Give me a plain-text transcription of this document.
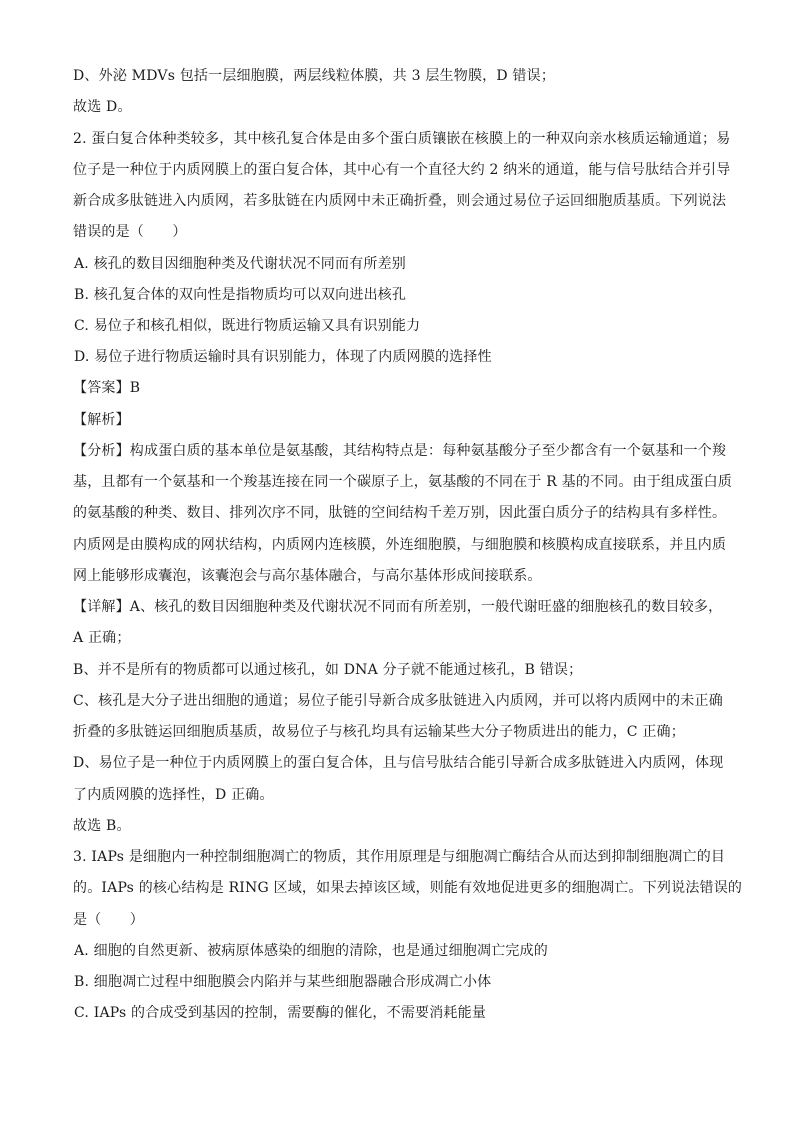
D、外泌 MDVs 包括一层细胞膜，两层线粒体膜，共 3 层生物膜，D 错误；
故选 D。
2. 蛋白复合体种类较多，其中核孔复合体是由多个蛋白质镶嵌在核膜上的一种双向亲水核质运输通道；易
位子是一种位于内质网膜上的蛋白复合体，其中心有一个直径大约 2 纳米的通道，能与信号肽结合并引导
新合成多肽链进入内质网，若多肽链在内质网中未正确折叠，则会通过易位子运回细胞质基质。下列说法
错误的是（　　）
A. 核孔的数目因细胞种类及代谢状况不同而有所差别
B. 核孔复合体的双向性是指物质均可以双向进出核孔
C. 易位子和核孔相似，既进行物质运输又具有识别能力
D. 易位子进行物质运输时具有识别能力，体现了内质网膜的选择性
【答案】B
【解析】
【分析】构成蛋白质的基本单位是氨基酸，其结构特点是：每种氨基酸分子至少都含有一个氨基和一个羧
基，且都有一个氨基和一个羧基连接在同一个碳原子上，氨基酸的不同在于 R 基的不同。由于组成蛋白质
的氨基酸的种类、数目、排列次序不同，肽链的空间结构千差万别，因此蛋白质分子的结构具有多样性。
内质网是由膜构成的网状结构，内质网内连核膜，外连细胞膜，与细胞膜和核膜构成直接联系，并且内质
网上能够形成囊泡，该囊泡会与高尔基体融合，与高尔基体形成间接联系。
【详解】A、核孔的数目因细胞种类及代谢状况不同而有所差别，一般代谢旺盛的细胞核孔的数目较多，
A 正确；
B、并不是所有的物质都可以通过核孔，如 DNA 分子就不能通过核孔，B 错误；
C、核孔是大分子进出细胞的通道；易位子能引导新合成多肽链进入内质网，并可以将内质网中的未正确
折叠的多肽链运回细胞质基质，故易位子与核孔均具有运输某些大分子物质进出的能力，C 正确；
D、易位子是一种位于内质网膜上的蛋白复合体，且与信号肽结合能引导新合成多肽链进入内质网，体现
了内质网膜的选择性，D 正确。
故选 B。
3. IAPs 是细胞内一种控制细胞凋亡的物质，其作用原理是与细胞凋亡酶结合从而达到抑制细胞凋亡的目
的。IAPs 的核心结构是 RING 区域，如果去掉该区域，则能有效地促进更多的细胞凋亡。下列说法错误的
是（　　）
A. 细胞的自然更新、被病原体感染的细胞的清除，也是通过细胞凋亡完成的
B. 细胞凋亡过程中细胞膜会内陷并与某些细胞器融合形成凋亡小体
C. IAPs 的合成受到基因的控制，需要酶的催化，不需要消耗能量
